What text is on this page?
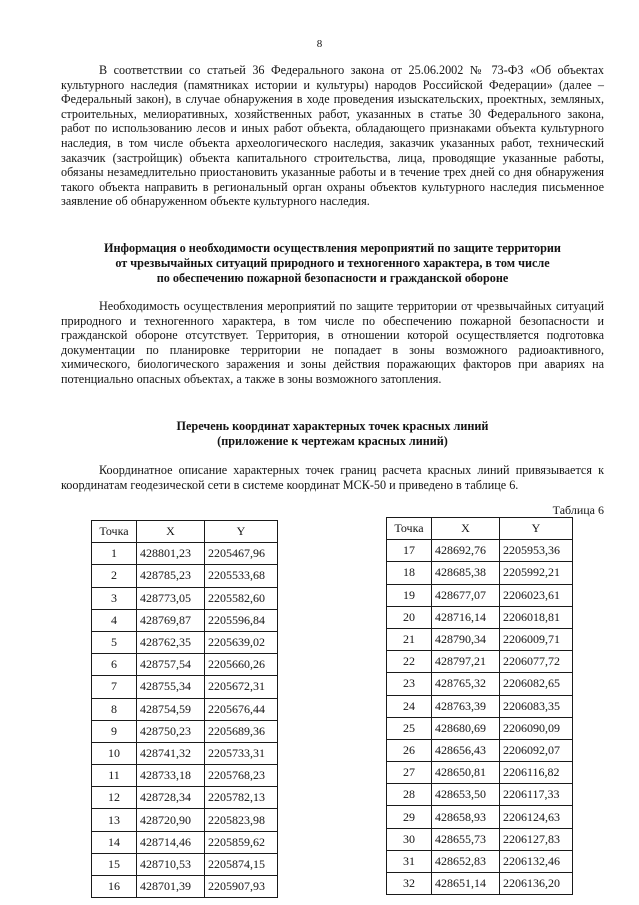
8

В соответствии со статьей 36 Федерального закона от 25.06.2002 № 73-ФЗ «Об объектах культурного наследия (памятниках истории и культуры) народов Российской Федерации» (далее – Федеральный закон), в случае обнаружения в ходе проведения изыскательских, проектных, земляных, строительных, мелиоративных, хозяйственных работ, указанных в статье 30 Федерального закона, работ по использованию лесов и иных работ объекта, обладающего признаками объекта культурного наследия, в том числе объекта археологического наследия, заказчик указанных работ, технический заказчик (застройщик) объекта капитального строительства, лица, проводящие указанные работы, обязаны незамедлительно приостановить указанные работы и в течение трех дней со дня обнаружения такого объекта направить в региональный орган охраны объектов культурного наследия письменное заявление об обнаруженном объекте культурного наследия.

Информация о необходимости осуществления мероприятий по защите территории
от чрезвычайных ситуаций природного и техногенного характера, в том числе
по обеспечению пожарной безопасности и гражданской обороне

Необходимость осуществления мероприятий по защите территории от чрезвычайных ситуаций природного и техногенного характера, в том числе по обеспечению пожарной безопасности и гражданской обороне отсутствует. Территория, в отношении которой осуществляется подготовка документации по планировке территории не попадает в зоны возможного радиоактивного, химического, биологического заражения и зоны действия поражающих факторов при авариях на потенциально опасных объектах, а также в зоны возможного затопления.

Перечень координат характерных точек красных линий
(приложение к чертежам красных линий)

Координатное описание характерных точек границ расчета красных линий привязывается к координатам геодезической сети в системе координат МСК-50 и приведено в таблице 6.

Таблица 6
Точка	X	Y
1	428801,23	2205467,96
2	428785,23	2205533,68
3	428773,05	2205582,60
4	428769,87	2205596,84
5	428762,35	2205639,02
6	428757,54	2205660,26
7	428755,34	2205672,31
8	428754,59	2205676,44
9	428750,23	2205689,36
10	428741,32	2205733,31
11	428733,18	2205768,23
12	428728,34	2205782,13
13	428720,90	2205823,98
14	428714,46	2205859,62
15	428710,53	2205874,15
16	428701,39	2205907,93
Точка	X	Y
17	428692,76	2205953,36
18	428685,38	2205992,21
19	428677,07	2206023,61
20	428716,14	2206018,81
21	428790,34	2206009,71
22	428797,21	2206077,72
23	428765,32	2206082,65
24	428763,39	2206083,35
25	428680,69	2206090,09
26	428656,43	2206092,07
27	428650,81	2206116,82
28	428653,50	2206117,33
29	428658,93	2206124,63
30	428655,73	2206127,83
31	428652,83	2206132,46
32	428651,14	2206136,20
